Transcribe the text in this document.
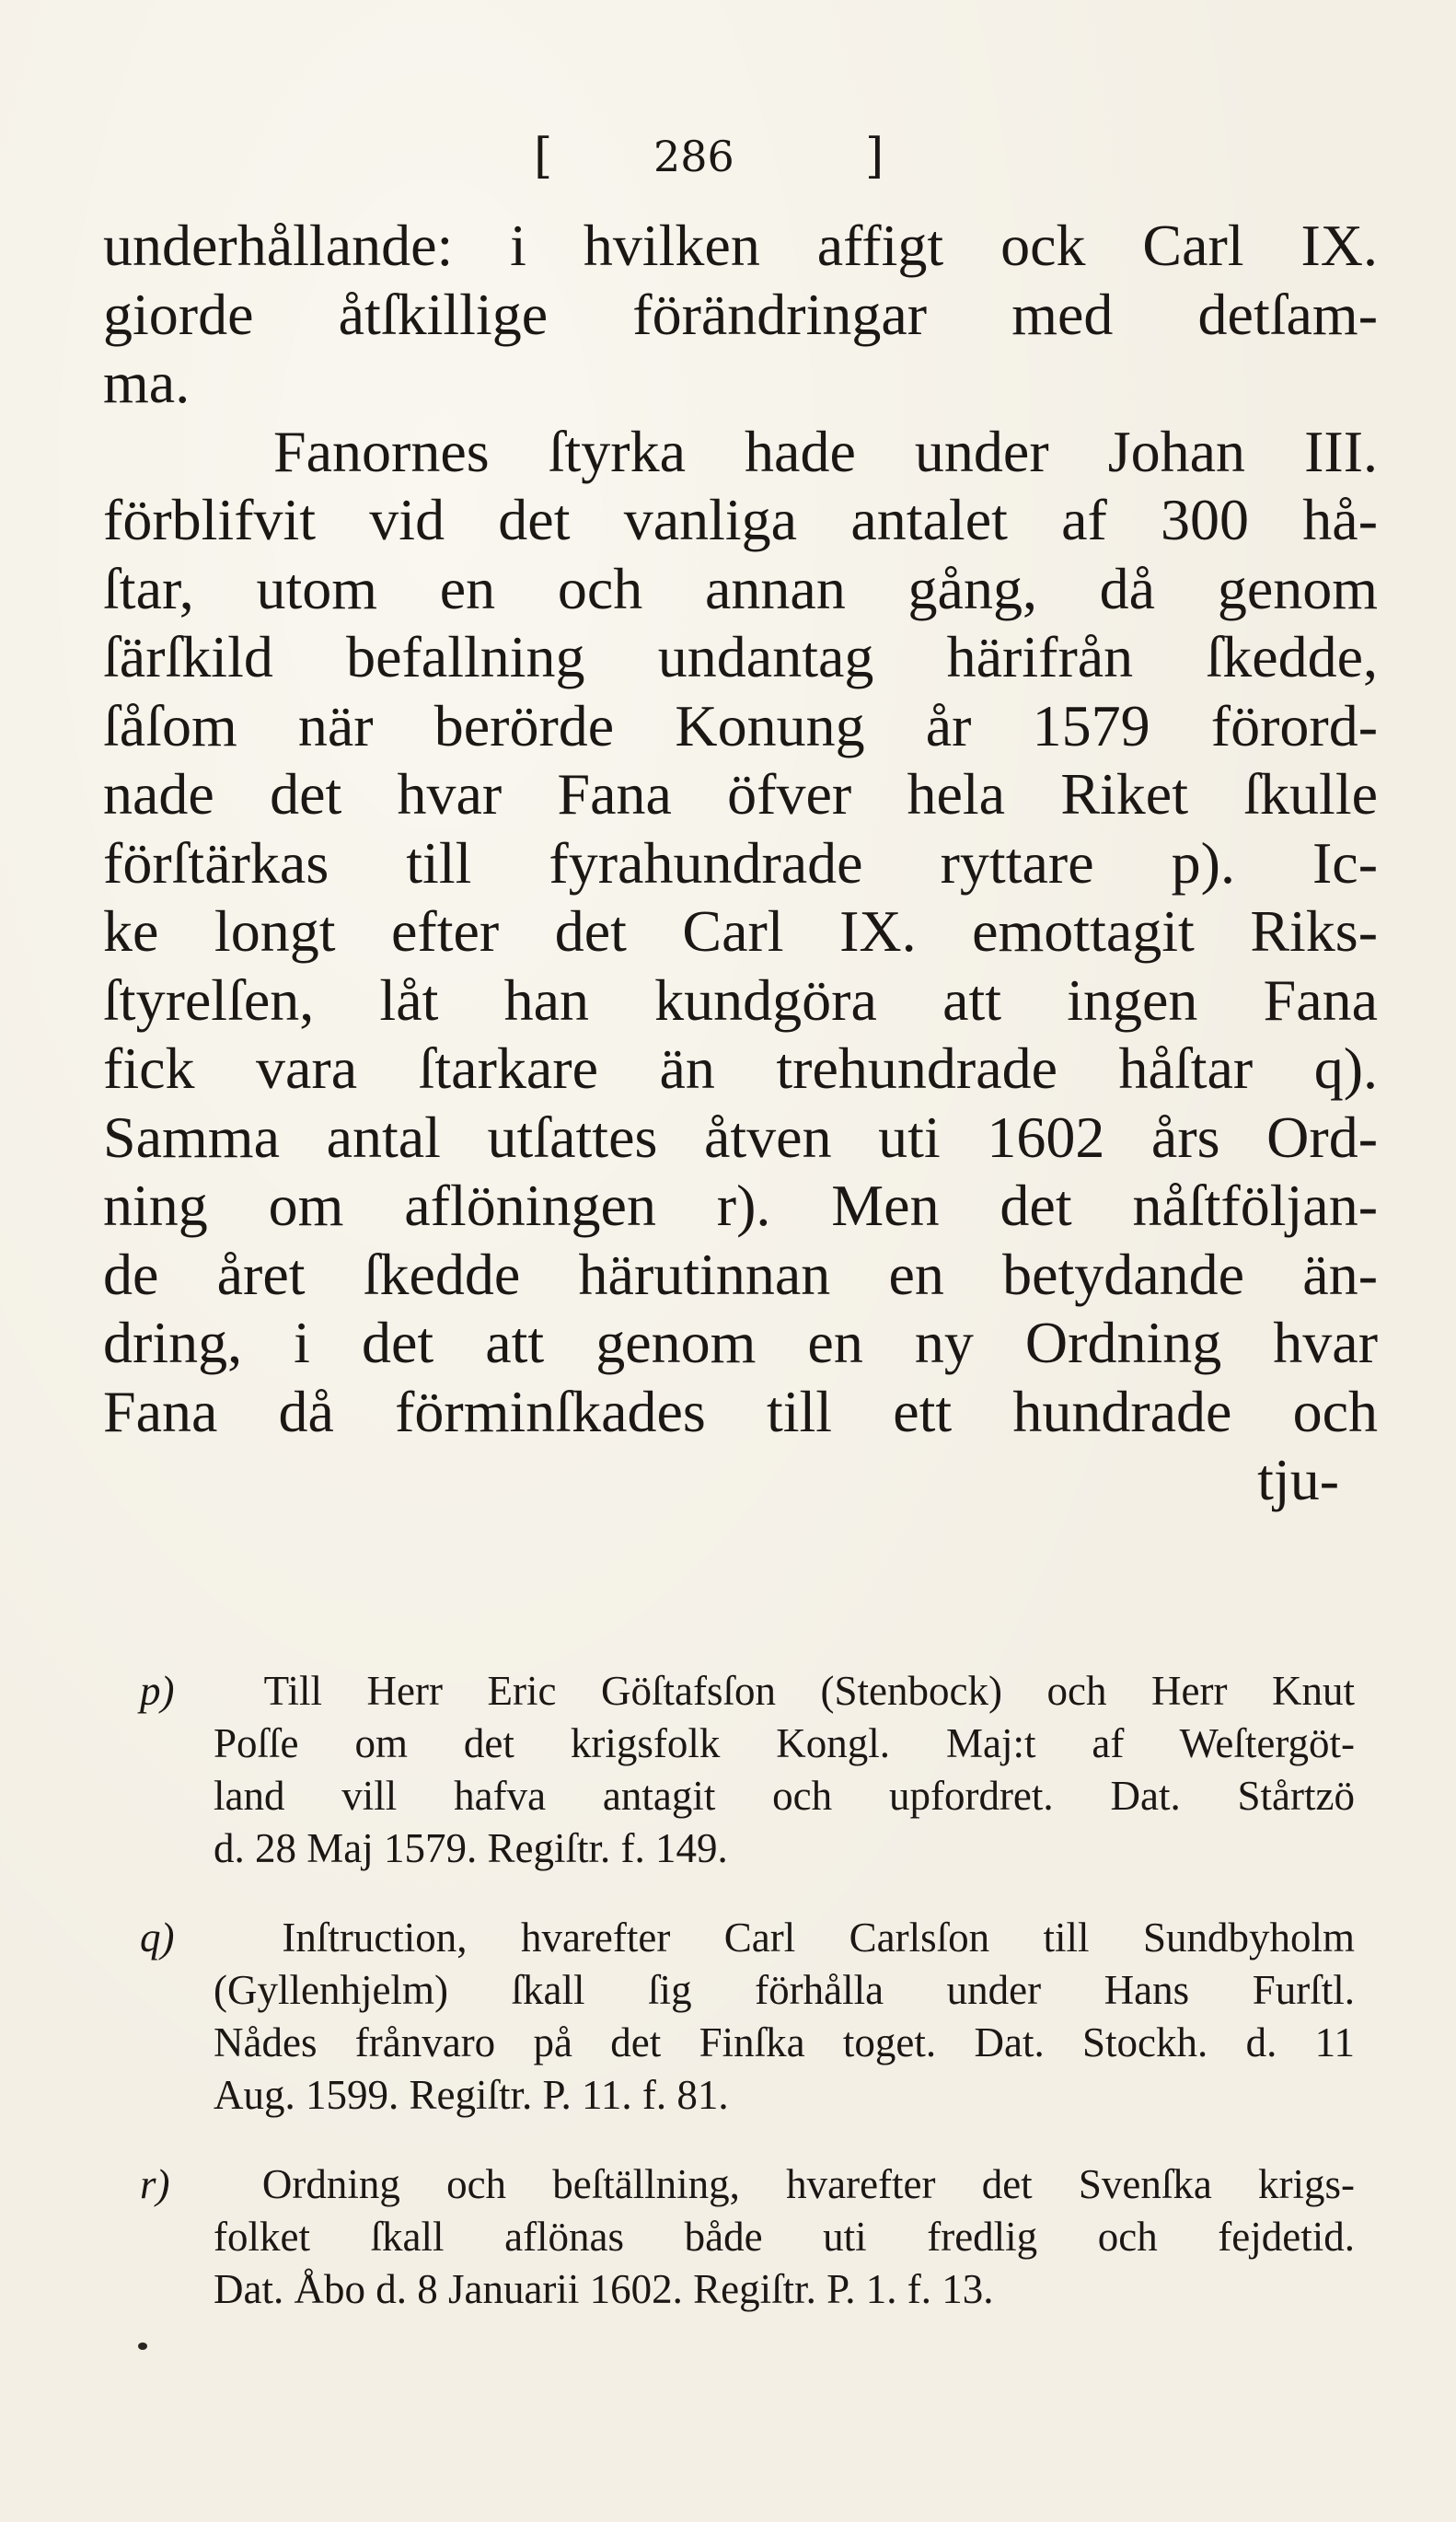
[ 286	]
underhållande: i hvilken affigt ock Carl IX.
giorde åtſkillige förändringar med detſam-
ma.
Fanornes ſtyrka hade under Johan III.
förblifvit vid det vanliga antalet af 300 hå-
ſtar, utom en och annan gång, då genom
ſärſkild befallning undantag härifrån ſkedde,
ſåſom när berörde Konung år 1579 förord-
nade det hvar Fana öfver hela Riket ſkulle
förſtärkas till fyrahundrade ryttare p). Ic-
ke longt efter det Carl IX. emottagit Riks-
ſtyrelſen, låt han kundgöra att ingen Fana
fick vara ſtarkare än trehundrade håſtar q).
Samma antal utſattes åtven uti 1602 års Ord-
ning om aflöningen r). Men det nåſtföljan-
de året ſkedde härutinnan en betydande än-
dring, i det att genom en ny Ordning hvar
Fana då förminſkades till ett hundrade och
tju-
p) Till Herr Eric Göſtafsſon (Stenbock) och Herr Knut
Poſſe om det krigsfolk Kongl. Maj:t af Weſtergöt-
land vill hafva antagit och upfordret. Dat. Stårtzö
d. 28 Maj 1579. Regiſtr. f. 149.
q)	Inſtruction, hvarefter Carl Carlsſon till Sundbyholm
(Gyllenhjelm) ſkall ſig förhålla under Hans Furſtl.
Nådes frånvaro på det Finſka toget. Dat. Stockh. d. 11
Aug. 1599. Regiſtr. P. 11. f. 81.
r) Ordning och beſtällning, hvarefter det Svenſka krigs-
folket ſkall aflönas både uti fredlig och fejdetid.
Dat. Åbo d. 8 Januarii 1602. Regiſtr. P. 1. f. 13.
